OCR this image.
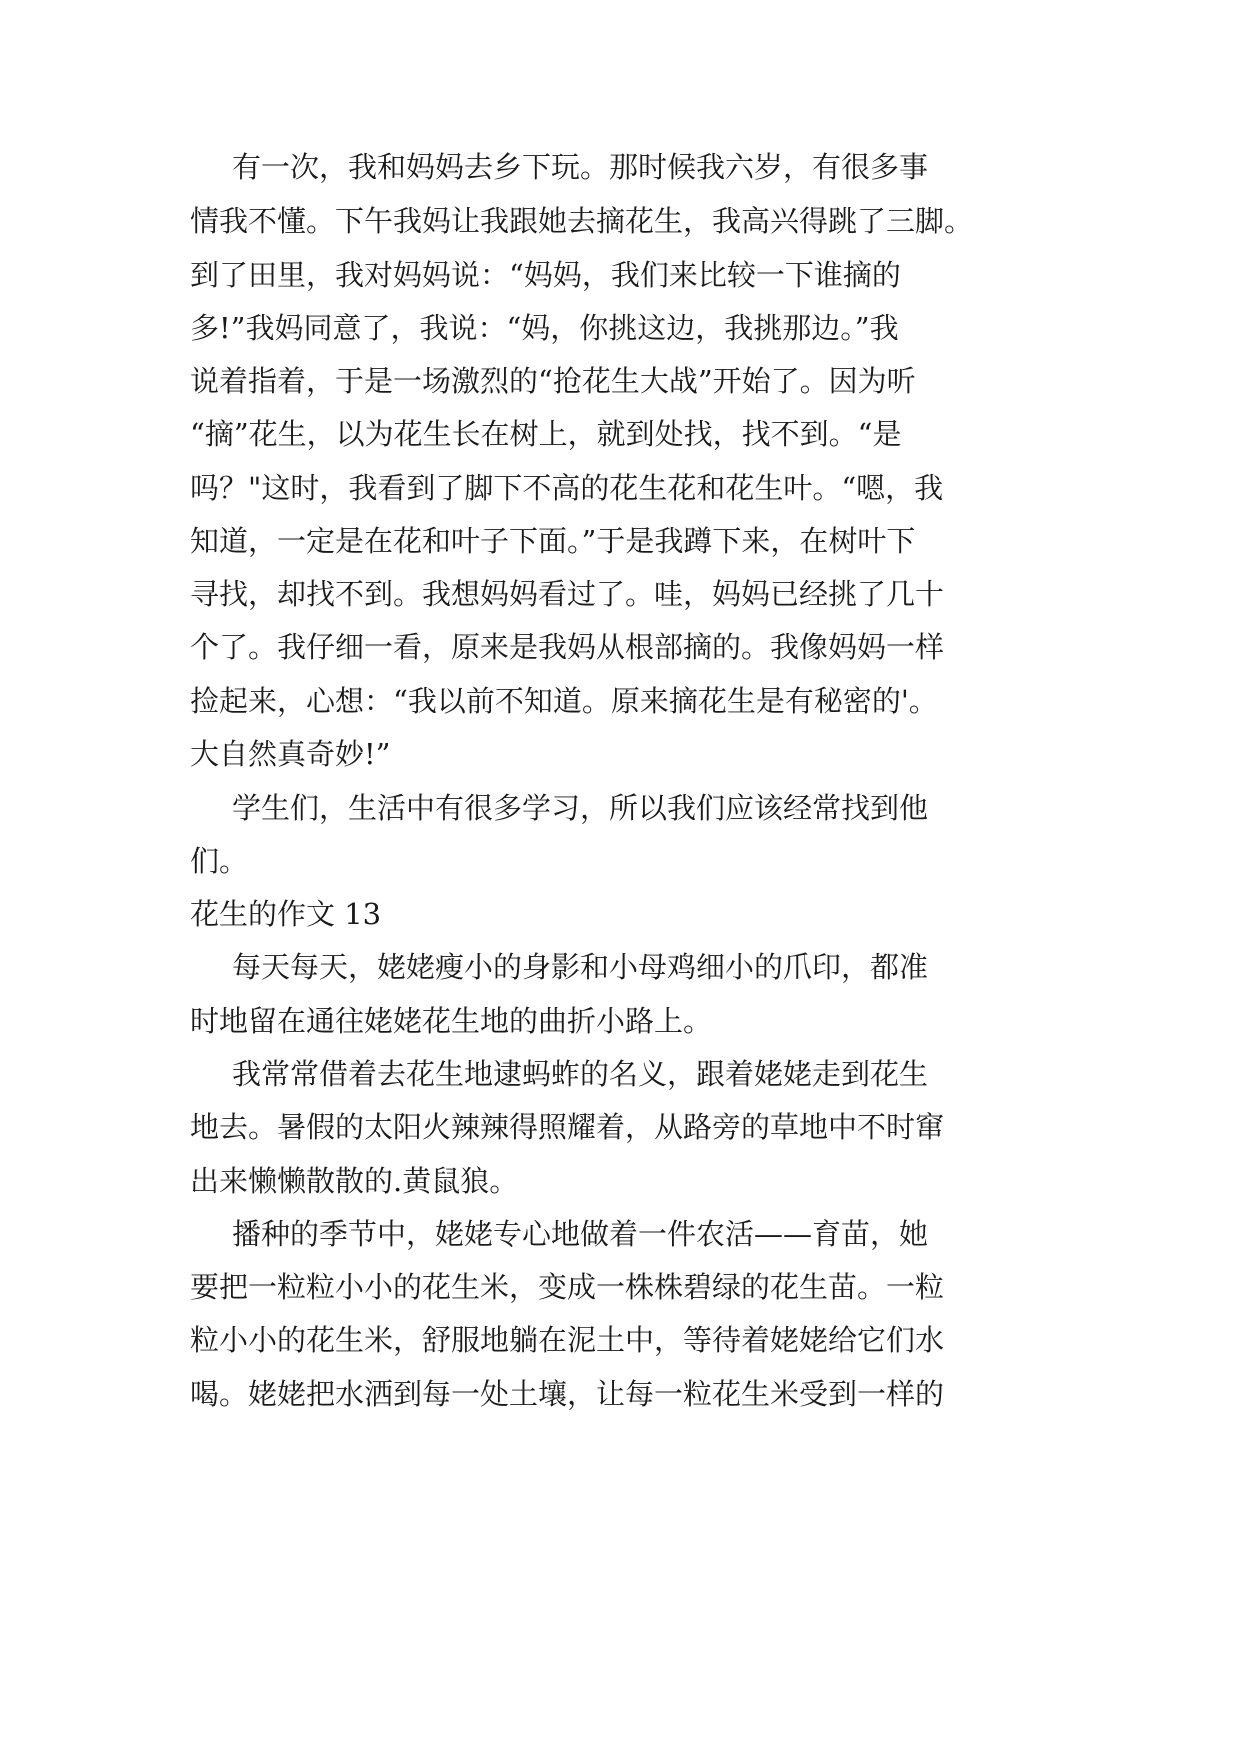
有一次，我和妈妈去乡下玩。那时候我六岁，有很多事
情我不懂。下午我妈让我跟她去摘花生，我高兴得跳了三脚。
到了田里，我对妈妈说：“妈妈，我们来比较一下谁摘的
多!”我妈同意了，我说：“妈，你挑这边，我挑那边。”我
说着指着，于是一场激烈的“抢花生大战”开始了。因为听
“摘”花生，以为花生长在树上，就到处找，找不到。“是
吗？"这时，我看到了脚下不高的花生花和花生叶。“嗯，我
知道，一定是在花和叶子下面。”于是我蹲下来，在树叶下
寻找，却找不到。我想妈妈看过了。哇，妈妈已经挑了几十
个了。我仔细一看，原来是我妈从根部摘的。我像妈妈一样
捡起来，心想：“我以前不知道。原来摘花生是有秘密的'。
大自然真奇妙!”
学生们，生活中有很多学习，所以我们应该经常找到他
们。
花生的作文 13
每天每天，姥姥瘦小的身影和小母鸡细小的爪印，都准
时地留在通往姥姥花生地的曲折小路上。
我常常借着去花生地逮蚂蚱的名义，跟着姥姥走到花生
地去。暑假的太阳火辣辣得照耀着，从路旁的草地中不时窜
出来懒懒散散的.黄鼠狼。
播种的季节中，姥姥专心地做着一件农活——育苗，她
要把一粒粒小小的花生米，变成一株株碧绿的花生苗。一粒
粒小小的花生米，舒服地躺在泥土中，等待着姥姥给它们水
喝。姥姥把水洒到每一处土壤，让每一粒花生米受到一样的
